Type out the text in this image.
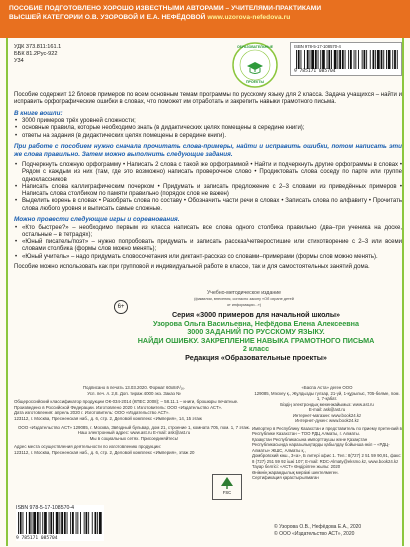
ПОСОБИЕ ПОДГОТОВЛЕНО ХОРОШО ИЗВЕСТНЫМИ АВТОРАМИ – УЧИТЕЛЯМИ-ПРАКТИКАМИ
ВЫСШЕЙ КАТЕГОРИИ О.В. УЗОРОВОЙ И Е.А. НЕФЁДОВОЙ www.uzorova-nefedova.ru
УДК 373.811:161.1
ББК 81.2Рус-922
У34
ОБРАЗОВАТЕЛЬНЫЕ
ПРОЕКТЫ
ISBN 978-5-17-108570-4
9 785171 085704

Пособие содержит 12 блоков примеров по всем основным темам программы по русскому языку для 2 класса. Задача учащихся – найти и исправить орфографические ошибки в словах, что поможет им отработать и закрепить навыки грамотного письма.

В книге вошли:
• 3000 примеров трёх уровней сложности;
• основные правила, которые необходимо знать (в дидактических целях помещены в середине книги);
• ответы на задания (в дидактических целях помещены в середине книги).
При работе с пособием нужно сначала прочитать слова-примеры, найти и исправить ошибки, потом написать эти же слова правильно. Затем можно выполнить следующие задания.

• Подчеркнуть сложную орфограмму • Написать 2 слова с такой же орфограммой • Найти и подчеркнуть другие орфограммы в словах • Рядом с каждым из них (там, где это возможно) написать проверочное слово • Продиктовать слова соседу по парте или группе одноклассников

• Написать слова каллиграфическим почерком • Придумать и записать предложение с 2–3 словами из приведённых примеров • Написать слова столбиком по памяти правильно (порядок слов не важен)

• Выделить корень в словах • Разобрать слова по составу • Обозначить части речи в словах • Записать слова по алфавиту • Прочитать слова любого уровня и выписать самые сложные.

Можно провести следующие игры и соревнования.

• «Кто быстрее?» – необходимо первым из класса написать все слова одного столбика правильно (два–три ученика на доске, остальные – в тетрадях);

• «Юный писатель/поэт» – нужно попробовать придумать и записать рассказ/четверостишие или стихотворение с 2–3 или всеми словами столбика (формы слов можно менять);

• «Юный учитель» – надо придумать словосочетания или диктант-рассказ со словами–примерами (формы слов можно менять).

Пособие можно использовать как при групповой и индивидуальной работе в классе, так и для самостоятельных занятий дома.

Учебно-методическое издание
(фамилии, внесения, согласно закону «Об охране детей от информации...»)
6+
Серия «3000 примеров для начальной школы»
Узорова Ольга Васильевна, Нефёдова Елена Алексеевна
3000 ЗАДАНИЙ ПО РУССКОМУ ЯЗЫКУ.
НАЙДИ ОШИБКУ. ЗАКРЕПЛЕНИЕ НАВЫКА ГРАМОТНОГО ПИСЬМА
2 класс
Редакция «Образовательные проекты»
Подписано в печать 13.03.2020. Формат 60x84¹/₁₆.
Усл. печ. л. 2,8. Доп. тираж 4000 экз. Заказ №
Общероссийский классификатор продукции ОК-034-2014 (КПЕС 2008); – 58.11.1 – книги, брошюры печатные.
Произведено в Российской Федерации. Изготовлено 2020 г. Изготовитель: ООО «Издательство АСТ».
Дата изготовления: апрель 2020 г. Изготовитель: ООО «Издательство АСТ».
123112, г. Москва, Пресненская наб., д. 6, стр. 2, Деловой комплекс «Империя», 14, 15 этаж
ООО «Издательство АСТ» 129085, г. Москва, Звёздный бульвар, дом 21, строение 1, комната 705, пом. 1, 7 этаж.
Наш электронный адрес: www.ast.ru E-mail: ask@ast.ru
Мы в социальных сетях. Присоединяйтесь!
Адрес места осуществления деятельности по изготовлению продукции:
123112, г. Москва, Пресненская наб., д. 6, стр. 2, Деловой комплекс «Империя», этаж 20
«Баспа Аста» деген ООО
129085, Мәскеу қ., Жұлдызды гүлзар, 21-үй, 1-құрылыс, 705-бөлме, пом. 1, 7-қабат.
Біздің электрондық мекенжайымыз: www.ast.ru
E-mail: ask@ast.ru
Интернет-магазин: www.book24.kz
Интернет-дүкен: www.book24.kz
Импортер в Республику Казахстан и представитель по приему претензий в Республике Казахстан – ТОО РДЦ Алматы, г. Алматы.
Қазақстан Республикасына импорттаушы және Қазақстан Республикасында наразылықтарды қабылдау бойынша өкіл – «РДЦ-Алматы» ЖШС, Алматы қ.,
Домбровский көш., 3«а», Б литері офис 1. Тел.: 8(727) 2 51 59 90,91, факс: 8 (727) 251 59 92 ішкі 107; E-mail: RDC-Almaty@eksmo.kz, www.book24.kz
Тауар белгісі: «АСТ» Өндірілген жылы: 2020
Өнімнің жарамдылық мерзімі шектелмеген.
Сертификация қарастырылмаған
FSC
ISBN 978-5-17-108570-4
9 785171 085704
© Узорова О.В., Нефёдова Е.А., 2020
© ООО «Издательство АСТ», 2020
